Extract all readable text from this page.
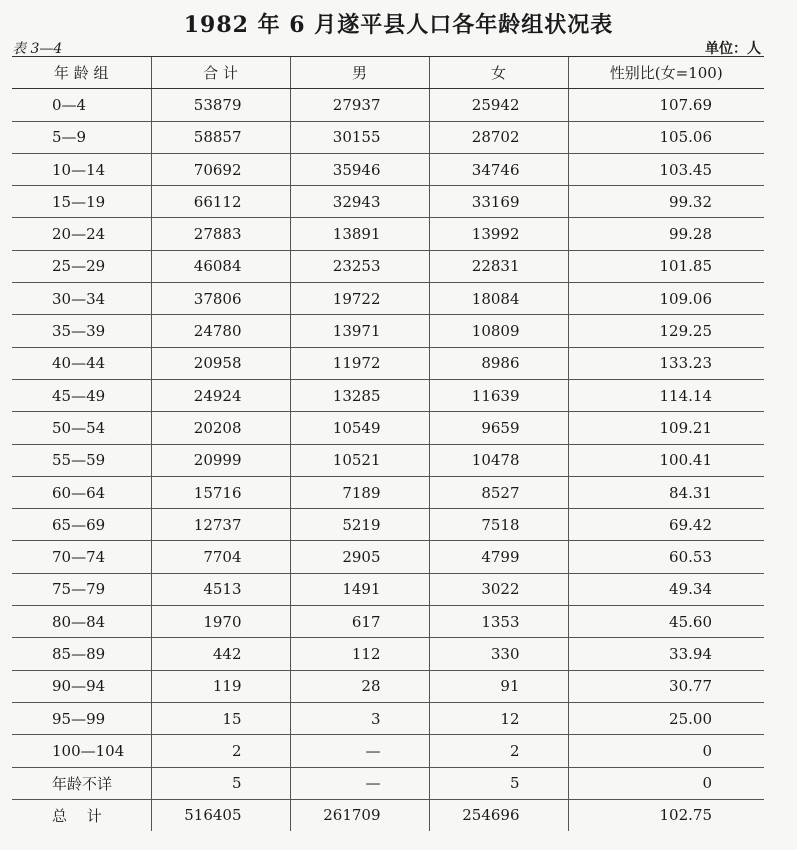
1982 年 6 月遂平县人口各年龄组状况表
表 3—4	单位：人
年 龄 组	合 计	男	女	性别比(女=100)
0—4	53879	27937	25942	107.69
5—9	58857	30155	28702	105.06
10—14	70692	35946	34746	103.45
15—19	66112	32943	33169	99.32
20—24	27883	13891	13992	99.28
25—29	46084	23253	22831	101.85
30—34	37806	19722	18084	109.06
35—39	24780	13971	10809	129.25
40—44	20958	11972	8986	133.23
45—49	24924	13285	11639	114.14
50—54	20208	10549	9659	109.21
55—59	20999	10521	10478	100.41
60—64	15716	7189	8527	84.31
65—69	12737	5219	7518	69.42
70—74	7704	2905	4799	60.53
75—79	4513	1491	3022	49.34
80—84	1970	617	1353	45.60
85—89	442	112	330	33.94
90—94	119	28	91	30.77
95—99	15	3	12	25.00
100—104	2	—	2	0
年龄不详	5	—	5	0
总　 计	516405	261709	254696	102.75
